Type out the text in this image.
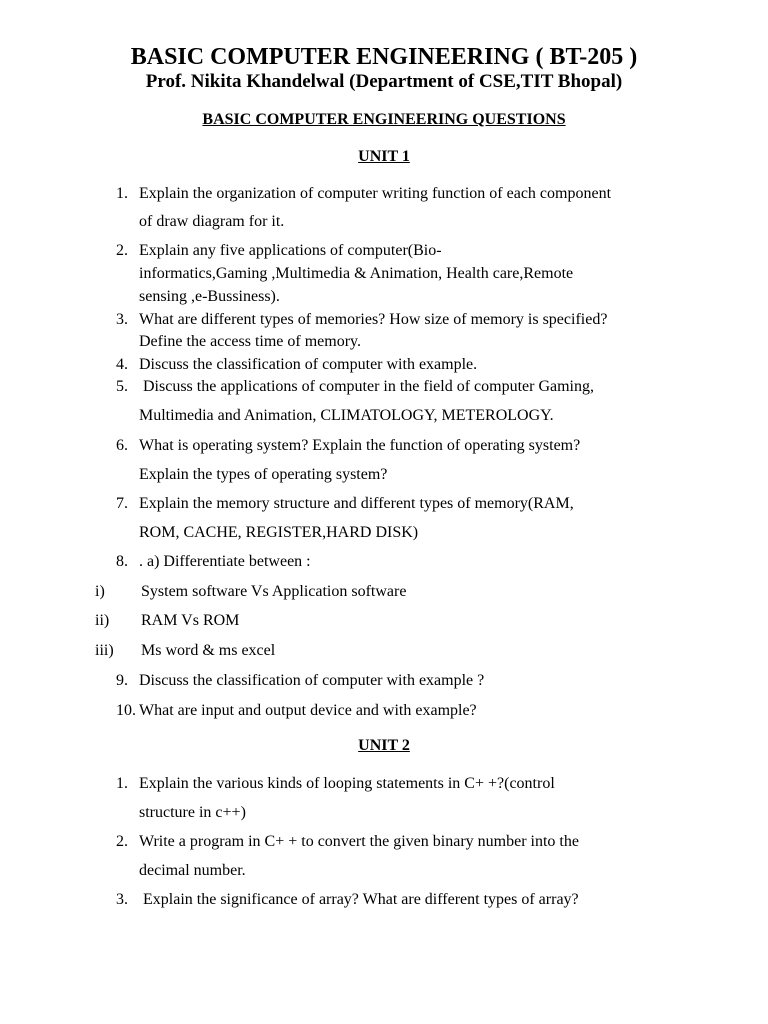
BASIC COMPUTER ENGINEERING ( BT-205 )
Prof. Nikita Khandelwal (Department of CSE,TIT Bhopal)
BASIC COMPUTER ENGINEERING QUESTIONS
UNIT 1
1. Explain the organization of computer writing function of each component
of draw diagram for it.
2. Explain any five applications of computer(Bio-
informatics,Gaming ,Multimedia & Animation, Health care,Remote
sensing ,e-Bussiness).
3. What are different types of memories? How size of memory is specified?
Define the access time of memory.
4. Discuss the classification of computer with example.
5. Discuss the applications of computer in the field of computer Gaming,
Multimedia and Animation, CLIMATOLOGY, METEROLOGY.
6. What is operating system? Explain the function of operating system?
Explain the types of operating system?
7. Explain the memory structure and different types of memory(RAM,
ROM, CACHE, REGISTER,HARD DISK)
8. . a) Differentiate between :
i) System software Vs Application software
ii) RAM Vs ROM
iii) Ms word & ms excel
9. Discuss the classification of computer with example ?
10. What are input and output device and with example?
UNIT 2
1. Explain the various kinds of looping statements in C+ +?(control
structure in c++)
2. Write a program in C+ + to convert the given binary number into the
decimal number.
3. Explain the significance of array? What are different types of array?
